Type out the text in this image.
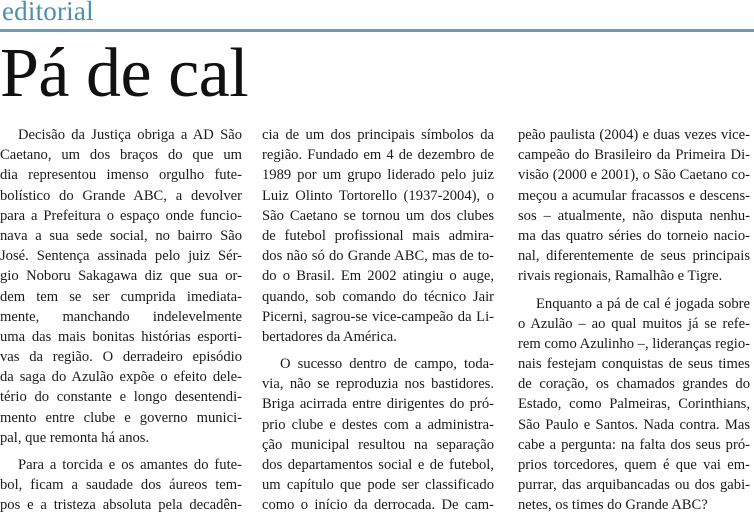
editorial
Pá de cal

Decisão da Justiça obriga a AD São
Caetano, um dos braços do que um
dia representou imenso orgulho fute-
bolístico do Grande ABC, a devolver
para a Prefeitura o espaço onde funcio-
nava a sua sede social, no bairro São
José. Sentença assinada pelo juiz Sér-
gio Noboru Sakagawa diz que sua or-
dem tem se ser cumprida imediata-
mente, manchando indelevelmente
uma das mais bonitas histórias esporti-
vas da região. O derradeiro episódio
da saga do Azulão expõe o efeito dele-
tério do constante e longo desentendi-
mento entre clube e governo munici-
pal, que remonta há anos.

Para a torcida e os amantes do fute-
bol, ficam a saudade dos áureos tem-
pos e a tristeza absoluta pela decadên-

cia de um dos principais símbolos da
região. Fundado em 4 de dezembro de
1989 por um grupo liderado pelo juiz
Luiz Olinto Tortorello (1937-2004), o
São Caetano se tornou um dos clubes
de futebol profissional mais admira-
dos não só do Grande ABC, mas de to-
do o Brasil. Em 2002 atingiu o auge,
quando, sob comando do técnico Jair
Picerni, sagrou-se vice-campeão da Li-
bertadores da América.

O sucesso dentro de campo, toda-
via, não se reproduzia nos bastidores.
Briga acirrada entre dirigentes do pró-
prio clube e destes com a administra-
ção municipal resultou na separação
dos departamentos social e de futebol,
um capítulo que pode ser classificado
como o início da derrocada. De cam-

peão paulista (2004) e duas vezes vice-
campeão do Brasileiro da Primeira Di-
visão (2000 e 2001), o São Caetano co-
meçou a acumular fracassos e descens-
sos – atualmente, não disputa nenhu-
ma das quatro séries do torneio nacio-
nal, diferentemente de seus principais
rivais regionais, Ramalhão e Tigre.

Enquanto a pá de cal é jogada sobre
o Azulão – ao qual muitos já se refe-
rem como Azulinho –, lideranças regio-
nais festejam conquistas de seus times
de coração, os chamados grandes do
Estado, como Palmeiras, Corinthians,
São Paulo e Santos. Nada contra. Mas
cabe a pergunta: na falta dos seus pró-
prios torcedores, quem é que vai em-
purrar, das arquibancadas ou dos gabi-
netes, os times do Grande ABC?
